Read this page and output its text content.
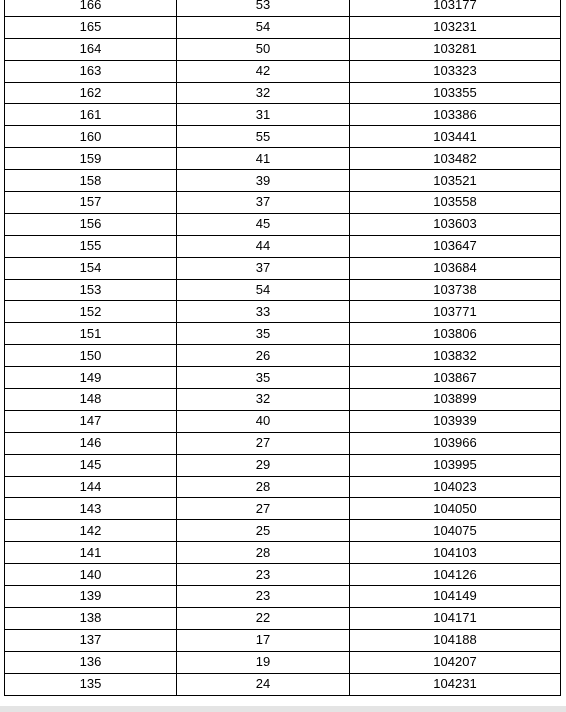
166	53	103177
165	54	103231
164	50	103281
163	42	103323
162	32	103355
161	31	103386
160	55	103441
159	41	103482
158	39	103521
157	37	103558
156	45	103603
155	44	103647
154	37	103684
153	54	103738
152	33	103771
151	35	103806
150	26	103832
149	35	103867
148	32	103899
147	40	103939
146	27	103966
145	29	103995
144	28	104023
143	27	104050
142	25	104075
141	28	104103
140	23	104126
139	23	104149
138	22	104171
137	17	104188
136	19	104207
135	24	104231
